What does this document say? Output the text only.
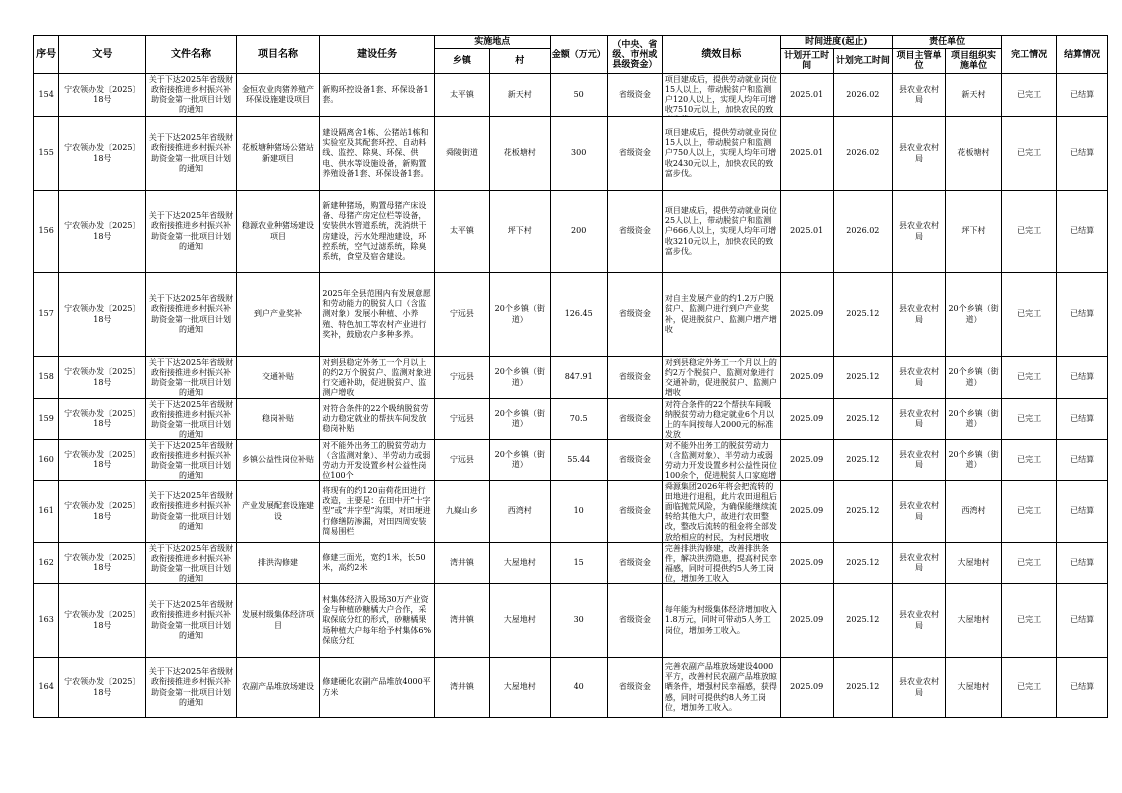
序号	文号	文件名称	项目名称	建设任务	实施地点		金额（万元）	（中央、省级、市州或县级资金）	绩效目标	时间进度(起止)		责任单位		完工情况	结算情况
					乡镇	村				计划开工时间	计划完工时间	项目主管单位	项目组织实施单位		

154	宁农领办发〔2025〕18号	关于下达2025年省级财政衔接推进乡村振兴补助资金第一批项目计划的通知	金恒农业肉猪养殖产环保设施建设项目	新购环控设备1套、环保设备1套。	太平镇	新天村	50	省级资金	项目建成后，提供劳动就业岗位15人以上，带动脱贫户和监测户120人以上，实现人均年可增收7510元以上，加快农民的致	2025.01	2026.02	县农业农村局	新天村	已完工	已结算

155	宁农领办发〔2025〕18号	关于下达2025年省级财政衔接推进乡村振兴补助资金第一批项目计划的通知	花板塘种猪场公猪站新建项目	建设隔离舍1栋、公猪站1栋和实验室及其配套环控、自动料线、监控、除臭、环保、供电、供水等设施设备，新购置养殖设备1套、环保设备1套。	舜陵街道	花板塘村	300	省级资金	项目建成后，提供劳动就业岗位15人以上，带动脱贫户和监测户750人以上，实现人均年可增收2430元以上，加快农民的致富步伐。	2025.01	2026.02	县农业农村局	花板塘村	已完工	已结算

156	宁农领办发〔2025〕18号	关于下达2025年省级财政衔接推进乡村振兴补助资金第一批项目计划的通知	稳源农业种猪场建设项目	新建种猪场，购置母猪产床设备、母猪产房定位栏等设备，安装供水管道系统，洗消烘干房建设，污水处理池建设，环控系统，空气过滤系统，除臭系统，食堂及宿舍建设。	太平镇	坪下村	200	省级资金	项目建成后，提供劳动就业岗位25人以上，带动脱贫户和监测户666人以上，实现人均年可增收3210元以上，加快农民的致富步伐。	2025.01	2026.02	县农业农村局	坪下村	已完工	已结算

157	宁农领办发〔2025〕18号	关于下达2025年省级财政衔接推进乡村振兴补助资金第一批项目计划的通知	到户产业奖补	2025年全县范围内有发展意愿和劳动能力的脱贫人口（含监测对象）发展小种植、小养殖、特色加工等农村产业进行奖补，鼓励农户多种多养。	宁远县	20个乡镇（街道）	126.45	省级资金	对自主发展产业的约1.2万户脱贫户、监测户进行到户产业奖补，促进脱贫户、监测户增产增收	2025.09	2025.12	县农业农村局	20个乡镇（街道）	已完工	已结算

158	宁农领办发〔2025〕18号	关于下达2025年省级财政衔接推进乡村振兴补助资金第一批项目计划的通知	交通补贴	对到县稳定外务工一个月以上的约2万个脱贫户、监测对象进行交通补助，促进脱贫户、监测户增收	宁远县	20个乡镇（街道）	847.91	省级资金	对到县稳定外务工一个月以上的约2万个脱贫户、监测对象进行交通补助，促进脱贫户、监测户增收	2025.09	2025.12	县农业农村局	20个乡镇（街道）	已完工	已结算

159	宁农领办发〔2025〕18号	关于下达2025年省级财政衔接推进乡村振兴补助资金第一批项目计划的通知	稳岗补贴	对符合条件的22个吸纳脱贫劳动力稳定就业的帮扶车间发放稳岗补贴	宁远县	20个乡镇（街道）	70.5	省级资金	对符合条件的22个帮扶车间吸纳脱贫劳动力稳定就业6个月以上的车间按每人2000元的标准发放	2025.09	2025.12	县农业农村局	20个乡镇（街道）	已完工	已结算

160	宁农领办发〔2025〕18号	关于下达2025年省级财政衔接推进乡村振兴补助资金第一批项目计划的通知	乡镇公益性岗位补贴	对不能外出务工的脱贫劳动力（含监测对象）、半劳动力或弱劳动力开发设置乡村公益性岗位100个	宁远县	20个乡镇（街道）	55.44	省级资金	对不能外出务工的脱贫劳动力（含监测对象）、半劳动力或弱劳动力开发设置乡村公益性岗位100余个，促进脱贫人口家庭增	2025.09	2025.12	县农业农村局	20个乡镇（街道）	已完工	已结算

161	宁农领办发〔2025〕18号	关于下达2025年省级财政衔接推进乡村振兴补助资金第一批项目计划的通知	产业发展配套设施建设	将现有的约120亩荷花田进行改造，主要是：在田中开“十字型”或“井字型”沟渠，对田埂进行修缮防渗漏，对田四周安装简易围栏	九嶷山乡	西湾村	10	省级资金	舜源集团2026年将会把流转的田地进行退租，此片农田退租后面临抛荒风险，为确保能继续流转给其他大户，故进行农田整改，整改后流转的租金将全部发放给相应的村民，为村民增收	2025.09	2025.12	县农业农村局	西湾村	已完工	已结算

162	宁农领办发〔2025〕18号	关于下达2025年省级财政衔接推进乡村振兴补助资金第一批项目计划的通知	排洪沟修建	修建三面光，宽约1米，长50米，高约2米	湾井镇	大屋地村	15	省级资金	完善排洪沟修建，改善排洪条件，解决洪涝隐患，提高村民幸福感，同时可提供约5人务工岗位，增加务工收入	2025.09	2025.12	县农业农村局	大屋地村	已完工	已结算

163	宁农领办发〔2025〕18号	关于下达2025年省级财政衔接推进乡村振兴补助资金第一批项目计划的通知	发展村级集体经济项目	村集体经济入股场30万产业资金与种植砂糖橘大户合作，采取保底分红的形式，砂糖橘果场种植大户每年给予村集体6%保底分红	湾井镇	大屋地村	30	省级资金	每年能为村级集体经济增加收入1.8万元，同时可带动5人务工岗位，增加务工收入。	2025.09	2025.12	县农业农村局	大屋地村	已完工	已结算

164	宁农领办发〔2025〕18号	关于下达2025年省级财政衔接推进乡村振兴补助资金第一批项目计划的通知	农副产品堆放场建设	修建硬化农副产品堆放4000平方米	湾井镇	大屋地村	40	省级资金	完善农副产品堆放场建设4000平方，改善村民农副产品堆放晾晒条件，增强村民幸福感，获得感，同时可提供约8人务工岗位，增加务工收入。	2025.09	2025.12	县农业农村局	大屋地村	已完工	已结算
